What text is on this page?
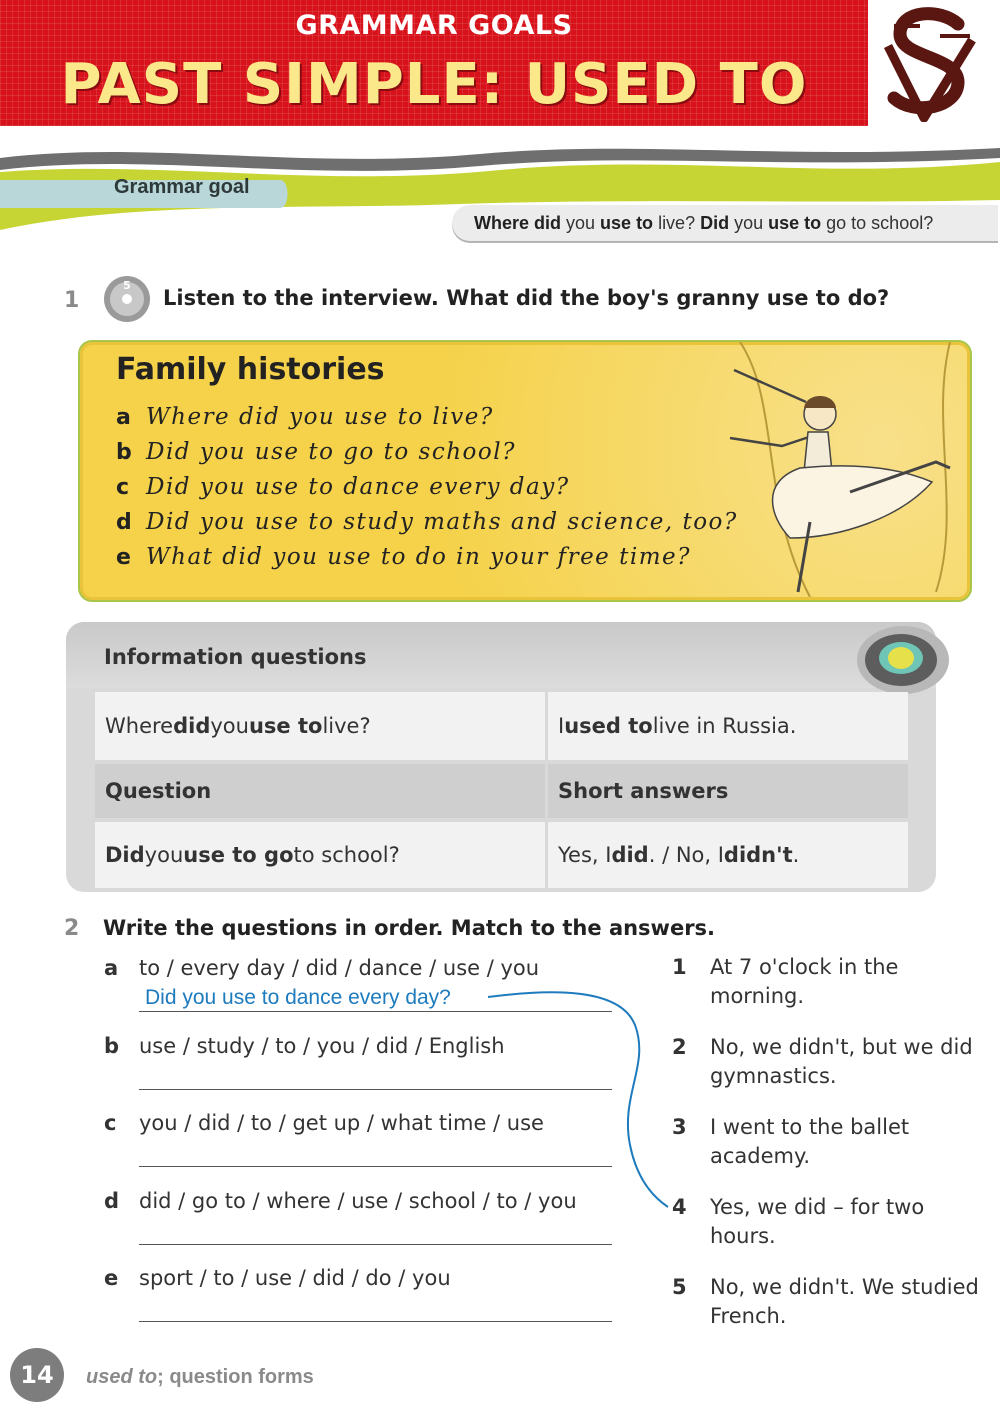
GRAMMAR GOALS
PAST SIMPLE: USED TO
Grammar goal
Where did you use to live? Did you use to go to school?
1
5
Listen to the interview. What did the boy's granny use to do?
Family histories
a Where did you use to live?
b Did you use to go to school?
c Did you use to dance every day?
d Did you use to study maths and science, too?
e What did you use to do in your free time?
Information questions
Where did you use to live?	I used to live in Russia.
Question	Short answers
Did you use to go to school?	Yes, I did . / No, I didn't .
2 Write the questions in order. Match to the answers.
a to / every day / did / dance / use / you
Did you use to dance every day?
b use / study / to / you / did / English
c you / did / to / get up / what time / use
d did / go to / where / use / school / to / you
e sport / to / use / did / do / you
1 At 7 o'clock in the morning.
2 No, we didn't, but we did gymnastics.
3 I went to the ballet academy.
4 Yes, we did – for two hours.
5 No, we didn't. We studied French.
14	used to; question forms
